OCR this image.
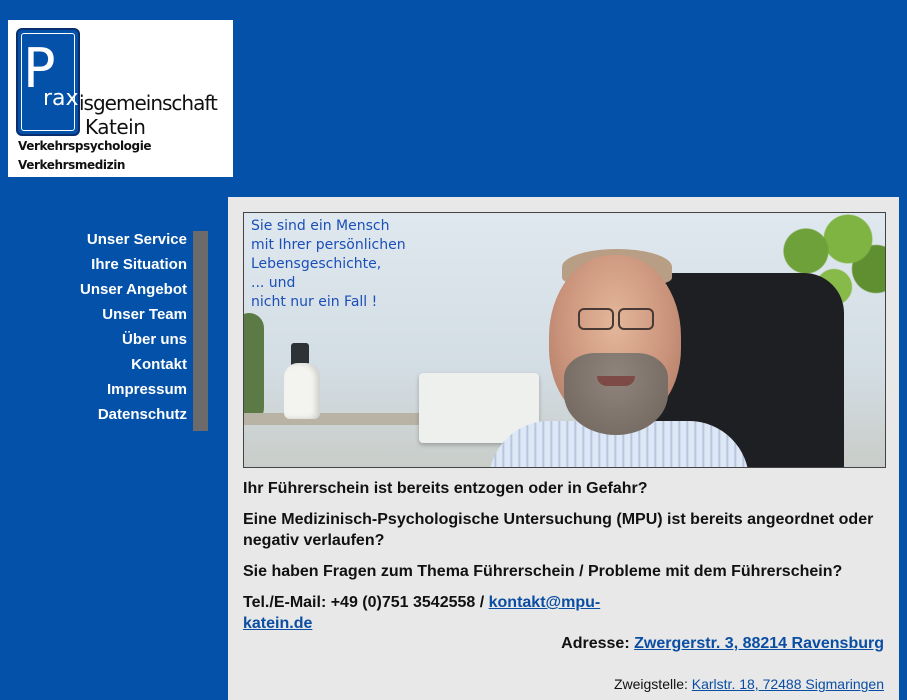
P
rax isgemeinschaft
Katein
Verkehrspsychologie
Verkehrsmedizin
Unser Service
Ihre Situation
Unser Angebot
Unser Team
Über uns
Kontakt
Impressum
Datenschutz
Sie sind ein Mensch
mit Ihrer persönlichen
Lebensgeschichte,
... und
nicht nur ein Fall !

Ihr Führerschein ist bereits entzogen oder in Gefahr?

Eine Medizinisch-Psychologische Untersuchung (MPU) ist bereits angeordnet oder negativ verlaufen?

Sie haben Fragen zum Thema Führerschein / Probleme mit dem Führerschein?

Tel./E-Mail: +49 (0)751 3542558 / kontakt@mpu-katein.de

Adresse: Zwergerstr. 3, 88214 Ravensburg
Zweigstelle: Karlstr. 18, 72488 Sigmaringen
